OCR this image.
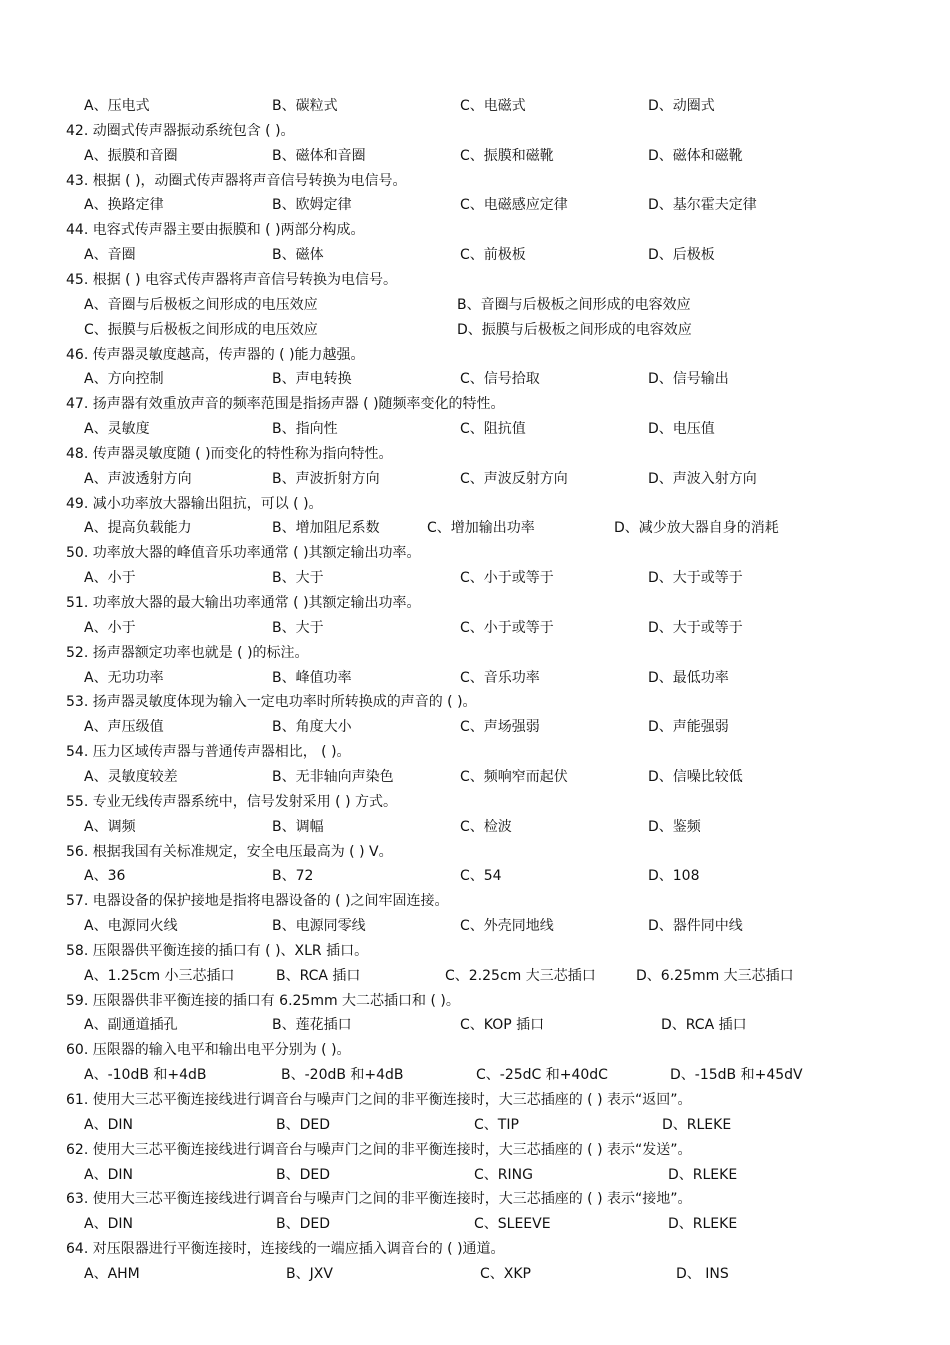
A、压电式	B、碳粒式	C、电磁式	D、动圈式
42. 动圈式传声器振动系统包含 ( )。
A、振膜和音圈	B、磁体和音圈	C、振膜和磁靴	D、磁体和磁靴
43. 根据 ( )，动圈式传声器将声音信号转换为电信号。
A、换路定律	B、欧姆定律	C、电磁感应定律	D、基尔霍夫定律
44. 电容式传声器主要由振膜和 ( )两部分构成。
A、音圈	B、磁体	C、前极板	D、后极板
45. 根据 ( ) 电容式传声器将声音信号转换为电信号。
A、音圈与后极板之间形成的电压效应	B、音圈与后极板之间形成的电容效应
C、振膜与后极板之间形成的电压效应	D、振膜与后极板之间形成的电容效应
46. 传声器灵敏度越高，传声器的 ( )能力越强。
A、方向控制	B、声电转换	C、信号拾取	D、信号输出
47. 扬声器有效重放声音的频率范围是指扬声器 ( )随频率变化的特性。
A、灵敏度	B、指向性	C、阻抗值	D、电压值
48. 传声器灵敏度随 ( )而变化的特性称为指向特性。
A、声波透射方向	B、声波折射方向	C、声波反射方向	D、声波入射方向
49. 减小功率放大器输出阻抗，可以 ( )。
A、提高负载能力	B、增加阻尼系数	C、增加输出功率	D、减少放大器自身的消耗
50. 功率放大器的峰值音乐功率通常 ( )其额定输出功率。
A、小于	B、大于	C、小于或等于	D、大于或等于
51. 功率放大器的最大输出功率通常 ( )其额定输出功率。
A、小于	B、大于	C、小于或等于	D、大于或等于
52. 扬声器额定功率也就是 ( )的标注。
A、无功功率	B、峰值功率	C、音乐功率	D、最低功率
53. 扬声器灵敏度体现为输入一定电功率时所转换成的声音的 ( )。
A、声压级值	B、角度大小	C、声场强弱	D、声能强弱
54. 压力区域传声器与普通传声器相比， ( )。
A、灵敏度较差	B、无非轴向声染色	C、频响窄而起伏	D、信噪比较低
55. 专业无线传声器系统中，信号发射采用 ( ) 方式。
A、调频	B、调幅	C、检波	D、鉴频
56. 根据我国有关标准规定，安全电压最高为 ( ) V。
A、36	B、72	C、54	D、108
57. 电器设备的保护接地是指将电器设备的 ( )之间牢固连接。
A、电源同火线	B、电源同零线	C、外壳同地线	D、器件同中线
58. 压限器供平衡连接的插口有 ( )、XLR 插口。
A、1.25cm 小三芯插口	B、RCA 插口	C、2.25cm 大三芯插口	D、6.25mm 大三芯插口
59. 压限器供非平衡连接的插口有 6.25mm 大二芯插口和 ( )。
A、副通道插孔	B、莲花插口	C、KOP 插口	D、RCA 插口
60. 压限器的输入电平和输出电平分别为 ( )。
A、-10dB 和+4dB	B、-20dB 和+4dB	C、-25dC 和+40dC	D、-15dB 和+45dV
61. 使用大三芯平衡连接线进行调音台与噪声门之间的非平衡连接时，大三芯插座的 ( ) 表示“返回”。
A、DIN	B、DED	C、TIP	D、RLEKE
62. 使用大三芯平衡连接线进行调音台与噪声门之间的非平衡连接时，大三芯插座的 ( ) 表示“发送”。
A、DIN	B、DED	C、RING	D、RLEKE
63. 使用大三芯平衡连接线进行调音台与噪声门之间的非平衡连接时，大三芯插座的 ( ) 表示“接地”。
A、DIN	B、DED	C、SLEEVE	D、RLEKE
64. 对压限器进行平衡连接时，连接线的一端应插入调音台的 ( )通道。
A、AHM	B、JXV	C、XKP	D、 INS
